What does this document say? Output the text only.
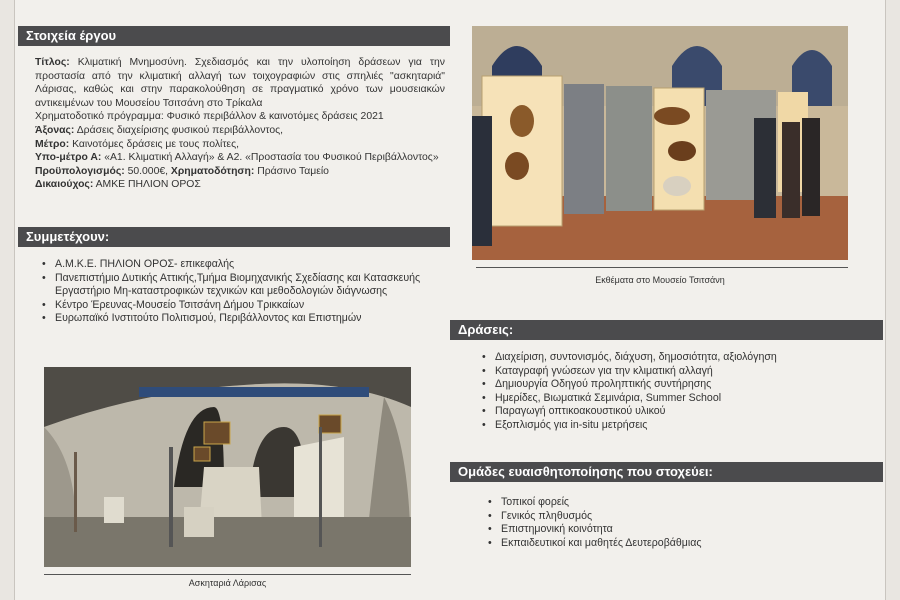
Στοιχεία έργου

Τίτλος: Κλιματική Μνημοσύνη. Σχεδιασμός και την υλοποίηση δράσεων για την προστασία από την κλιματική αλλαγή των τοιχογραφιών στις σπηλιές "ασκηταριά" Λάρισας, καθώς και στην παρακολούθηση σε πραγματικό χρόνο των μουσειακών αντικειμένων του Μουσείου Τσιτσάνη στο Τρίκαλα

Χρηματοδοτικό πρόγραμμα: Φυσικό περιβάλλον & καινοτόμες δράσεις 2021

Άξονας: Δράσεις διαχείρισης φυσικού περιβάλλοντος,

Μέτρο: Καινοτόμες δράσεις με τους πολίτες,

Υπο-μέτρο Α: «Α1. Κλιματική Αλλαγή» & Α2. «Προστασία του Φυσικού Περιβάλλοντος»

Προϋπολογισμός: 50.000€, Χρηματοδότηση: Πράσινο Ταμείο

Δικαιούχος: ΑΜΚΕ ΠΗΛΙΟΝ ΟΡΟΣ

Συμμετέχουν:
• Α.Μ.Κ.Ε. ΠΗΛΙΟΝ ΟΡΟΣ- επικεφαλής
• Πανεπιστήμιο Δυτικής Αττικής,Τμήμα Βιομηχανικής Σχεδίασης και Κατασκευής Εργαστήριο Μη-καταστροφικών τεχνικών και μεθοδολογιών διάγνωσης
• Κέντρο Έρευνας-Μουσείο Τσιτσάνη Δήμου Τρικκαίων
• Ευρωπαϊκό Ινστιτούτο Πολιτισμού, Περιβάλλοντος και Επιστημών
Εκθέματα στο Μουσείο Τσιτσάνη
Δράσεις:
• Διαχείριση, συντονισμός, διάχυση, δημοσιότητα, αξιολόγηση
• Καταγραφή γνώσεων για την κλιματική αλλαγή
• Δημιουργία Οδηγού προληπτικής συντήρησης
• Ημερίδες, Βιωματικά Σεμινάρια, Summer School
• Παραγωγή οπτικοακουστικού υλικού
• Εξοπλισμός για in-situ μετρήσεις
Ομάδες ευαισθητοποίησης που στοχεύει:
• Τοπικοί φορείς
• Γενικός πληθυσμός
• Επιστημονική κοινότητα
• Εκπαιδευτικοί και μαθητές Δευτεροβάθμιας
Ασκηταριά Λάρισας
